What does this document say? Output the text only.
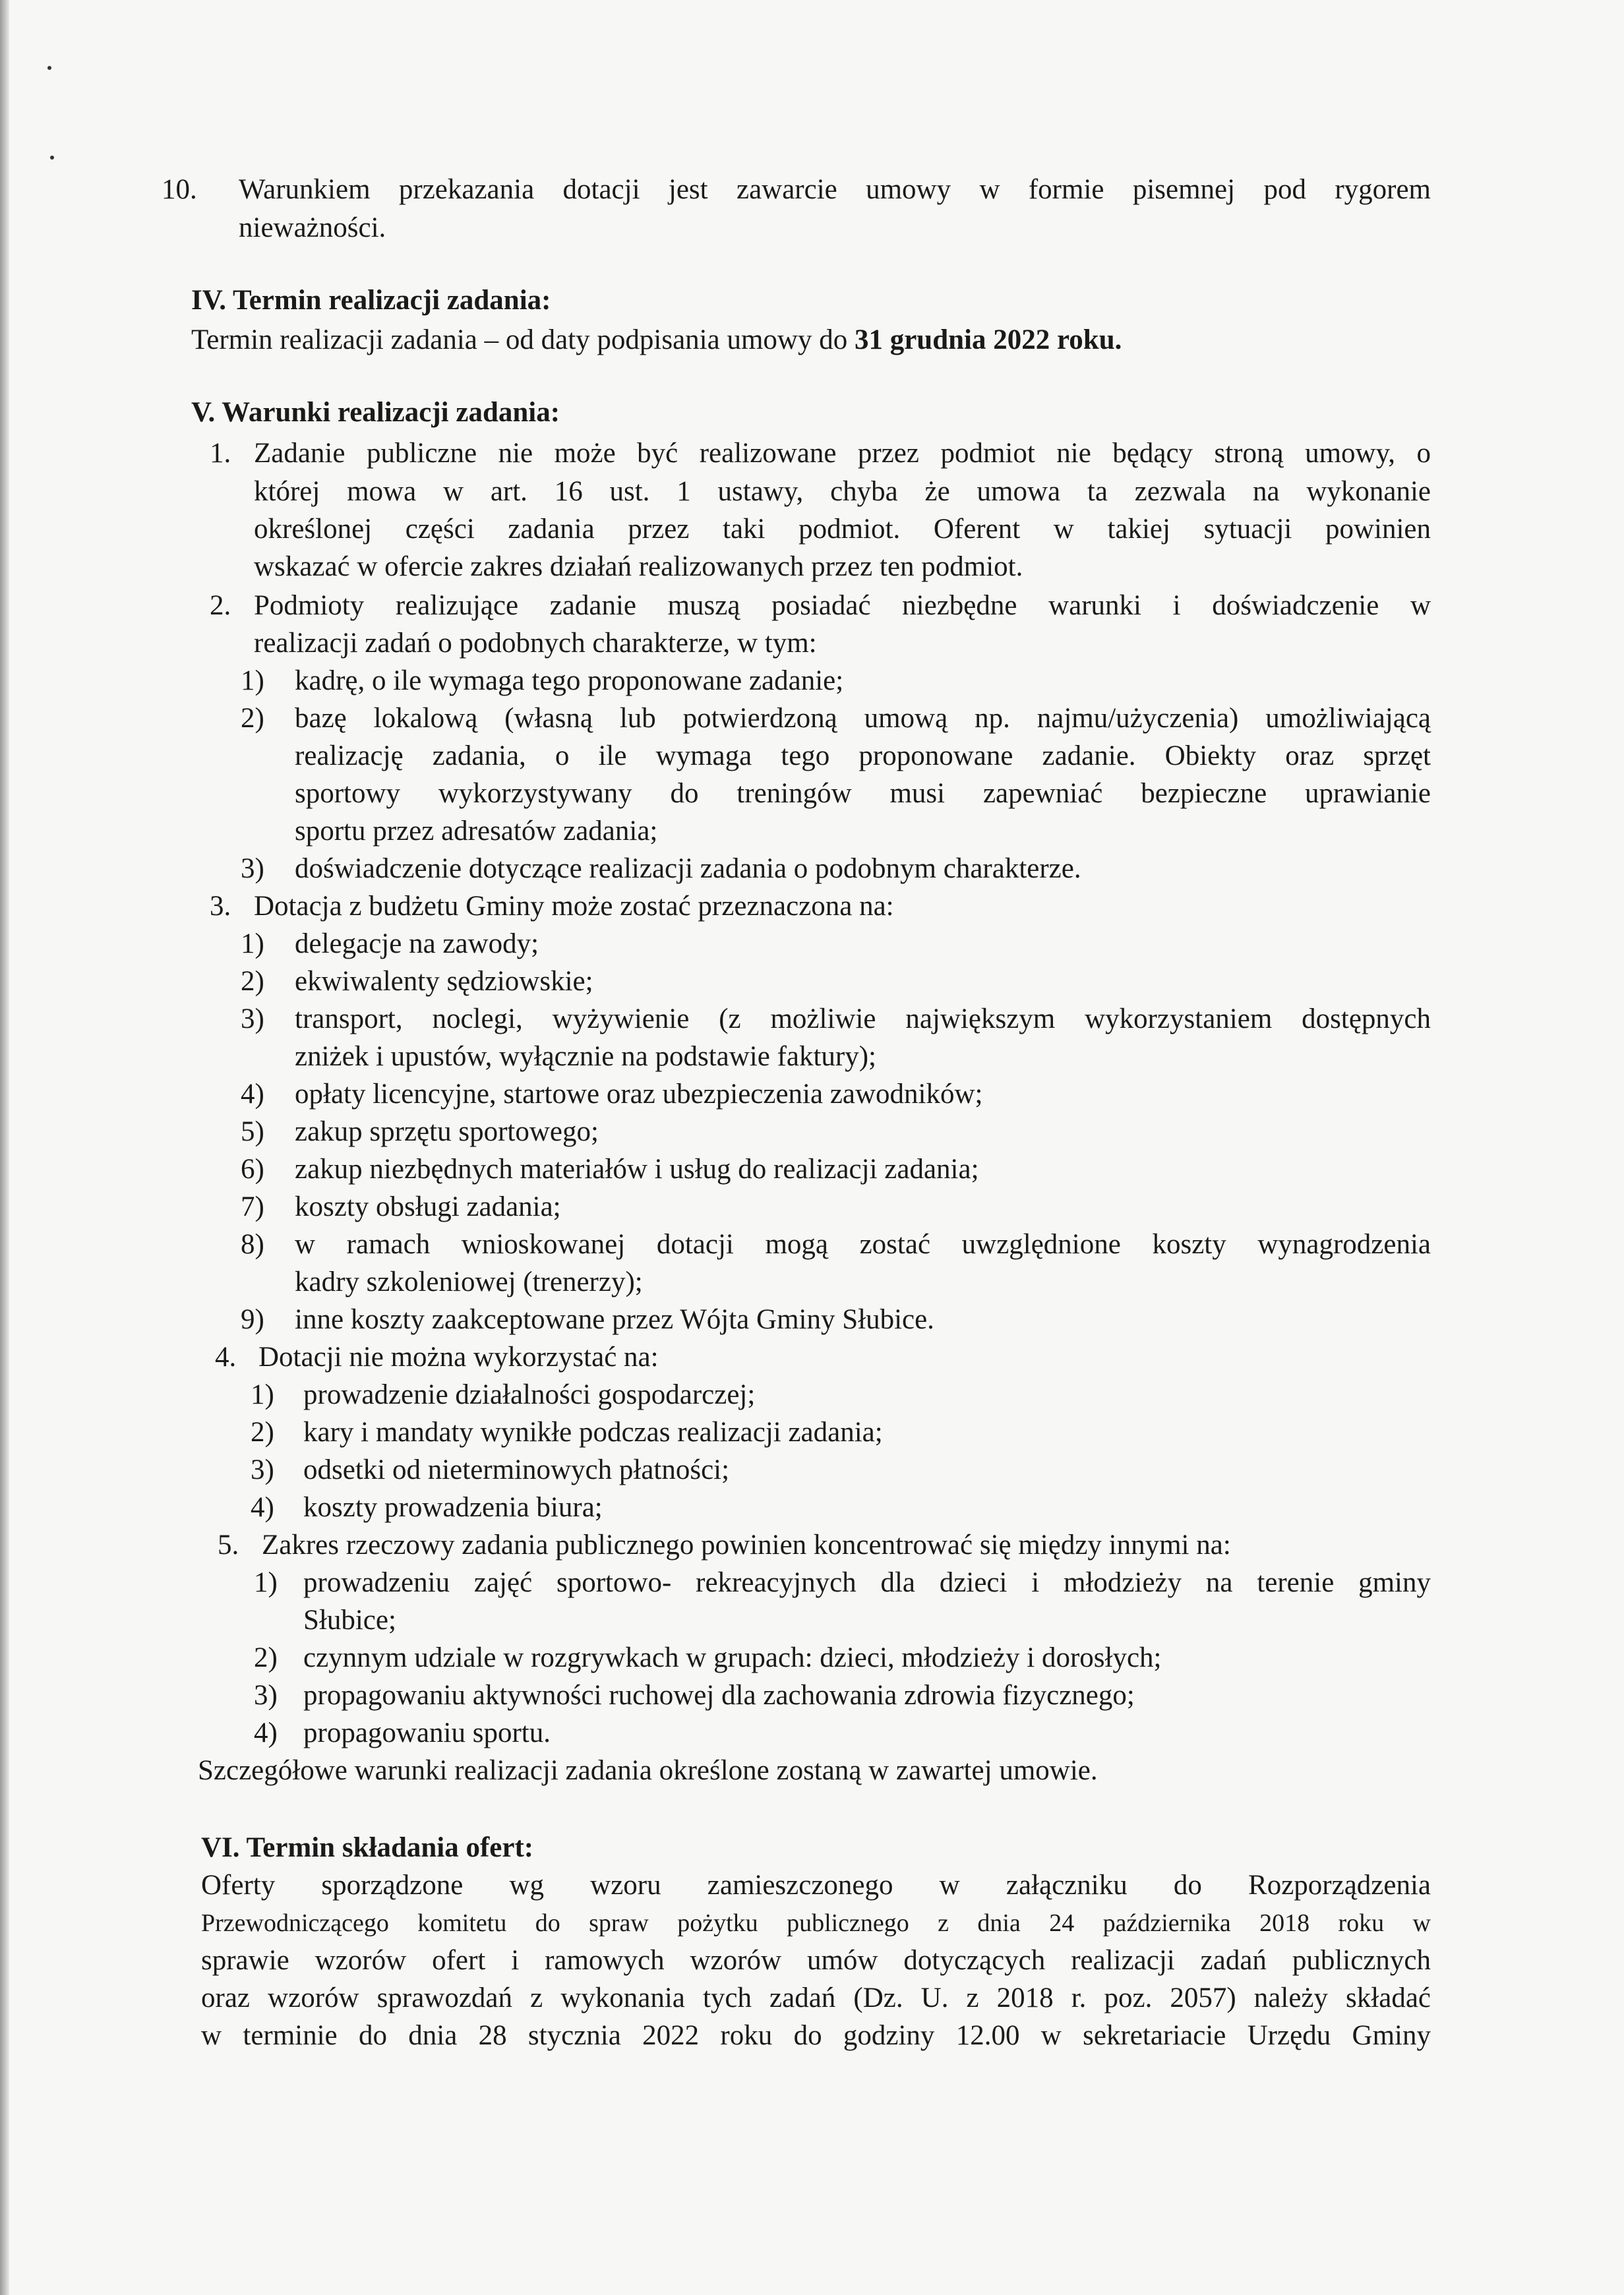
10. Warunkiem przekazania dotacji jest zawarcie umowy w formie pisemnej pod rygorem
nieważności.
IV. Termin realizacji zadania:
Termin realizacji zadania – od daty podpisania umowy do 31 grudnia 2022 roku.
V. Warunki realizacji zadania:
1. Zadanie publiczne nie może być realizowane przez podmiot nie będący stroną umowy, o
której mowa w art. 16 ust. 1 ustawy, chyba że umowa ta zezwala na wykonanie
określonej części zadania przez taki podmiot. Oferent w takiej sytuacji powinien
wskazać w ofercie zakres działań realizowanych przez ten podmiot.
2. Podmioty realizujące zadanie muszą posiadać niezbędne warunki i doświadczenie w
realizacji zadań o podobnych charakterze, w tym:
1) kadrę, o ile wymaga tego proponowane zadanie;
2) bazę lokalową (własną lub potwierdzoną umową np. najmu/użyczenia) umożliwiającą
realizację zadania, o ile wymaga tego proponowane zadanie. Obiekty oraz sprzęt
sportowy wykorzystywany do treningów musi zapewniać bezpieczne uprawianie
sportu przez adresatów zadania;
3) doświadczenie dotyczące realizacji zadania o podobnym charakterze.
3. Dotacja z budżetu Gminy może zostać przeznaczona na:
1) delegacje na zawody;
2) ekwiwalenty sędziowskie;
3) transport, noclegi, wyżywienie (z możliwie największym wykorzystaniem dostępnych
zniżek i upustów, wyłącznie na podstawie faktury);
4) opłaty licencyjne, startowe oraz ubezpieczenia zawodników;
5) zakup sprzętu sportowego;
6) zakup niezbędnych materiałów i usług do realizacji zadania;
7) koszty obsługi zadania;
8) w ramach wnioskowanej dotacji mogą zostać uwzględnione koszty wynagrodzenia
kadry szkoleniowej (trenerzy);
9) inne koszty zaakceptowane przez Wójta Gminy Słubice.
4. Dotacji nie można wykorzystać na:
1) prowadzenie działalności gospodarczej;
2) kary i mandaty wynikłe podczas realizacji zadania;
3) odsetki od nieterminowych płatności;
4) koszty prowadzenia biura;
5. Zakres rzeczowy zadania publicznego powinien koncentrować się między innymi na:
1) prowadzeniu zajęć sportowo- rekreacyjnych dla dzieci i młodzieży na terenie gminy
Słubice;
2) czynnym udziale w rozgrywkach w grupach: dzieci, młodzieży i dorosłych;
3) propagowaniu aktywności ruchowej dla zachowania zdrowia fizycznego;
4) propagowaniu sportu.
Szczegółowe warunki realizacji zadania określone zostaną w zawartej umowie.
VI. Termin składania ofert:
Oferty sporządzone wg wzoru zamieszczonego w załączniku do Rozporządzenia
Przewodniczącego komitetu do spraw pożytku publicznego z dnia 24 października 2018 roku w
sprawie wzorów ofert i ramowych wzorów umów dotyczących realizacji zadań publicznych
oraz wzorów sprawozdań z wykonania tych zadań (Dz. U. z 2018 r. poz. 2057) należy składać
w terminie do dnia 28 stycznia 2022 roku do godziny 12.00 w sekretariacie Urzędu Gminy
